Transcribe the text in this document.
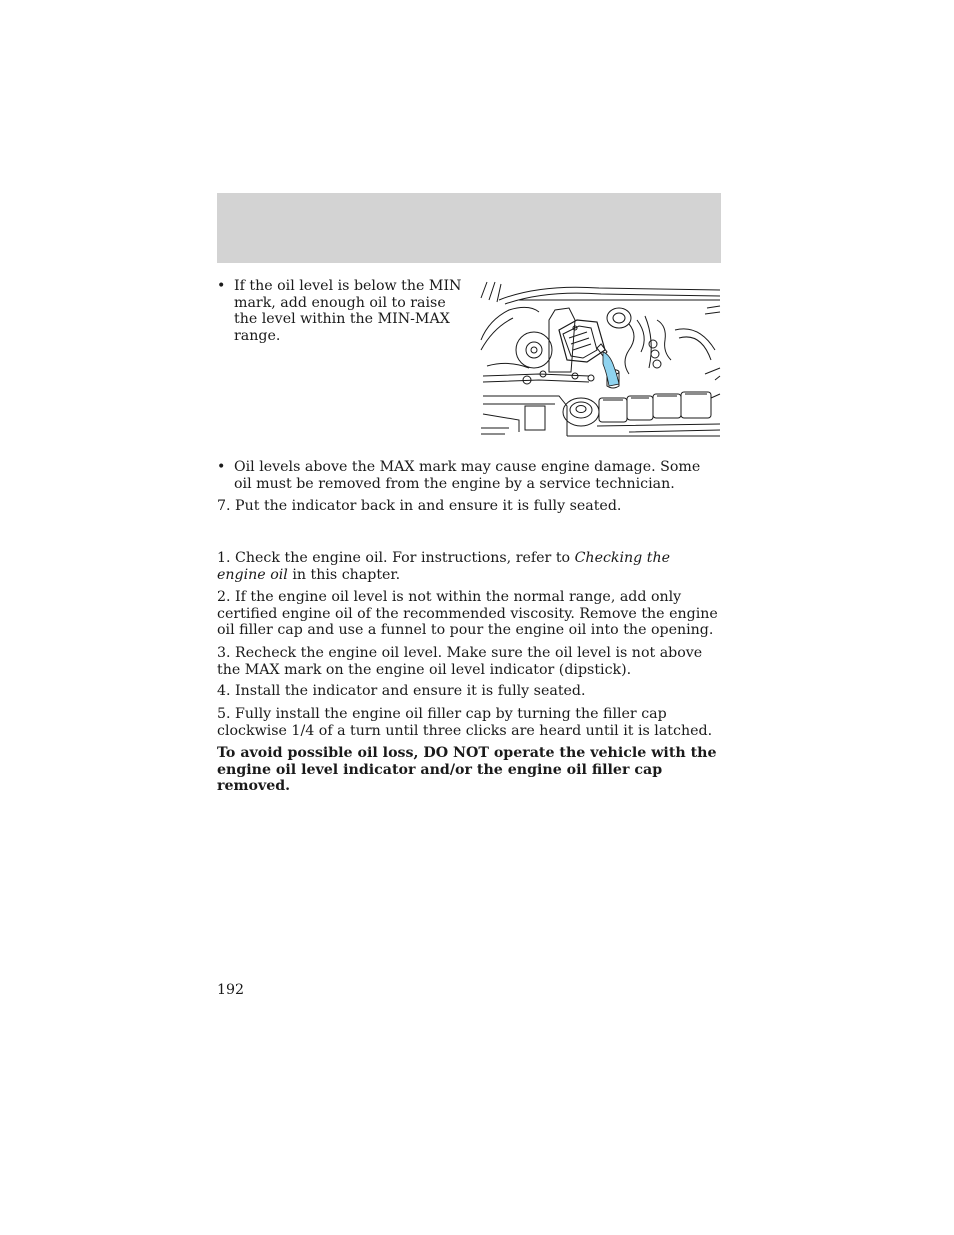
• If the oil level is below the MIN mark, add enough oil to raise the level within the MIN-MAX range.
• Oil levels above the MAX mark may cause engine damage. Some oil must be removed from the engine by a service technician.

7. Put the indicator back in and ensure it is fully seated.

1. Check the engine oil. For instructions, refer to Checking the engine oil in this chapter.

2. If the engine oil level is not within the normal range, add only certified engine oil of the recommended viscosity. Remove the engine oil filler cap and use a funnel to pour the engine oil into the opening.

3. Recheck the engine oil level. Make sure the oil level is not above the MAX mark on the engine oil level indicator (dipstick).

4. Install the indicator and ensure it is fully seated.

5. Fully install the engine oil filler cap by turning the filler cap clockwise 1/4 of a turn until three clicks are heard until it is latched.

To avoid possible oil loss, DO NOT operate the vehicle with the engine oil level indicator and/or the engine oil filler cap removed.

192
